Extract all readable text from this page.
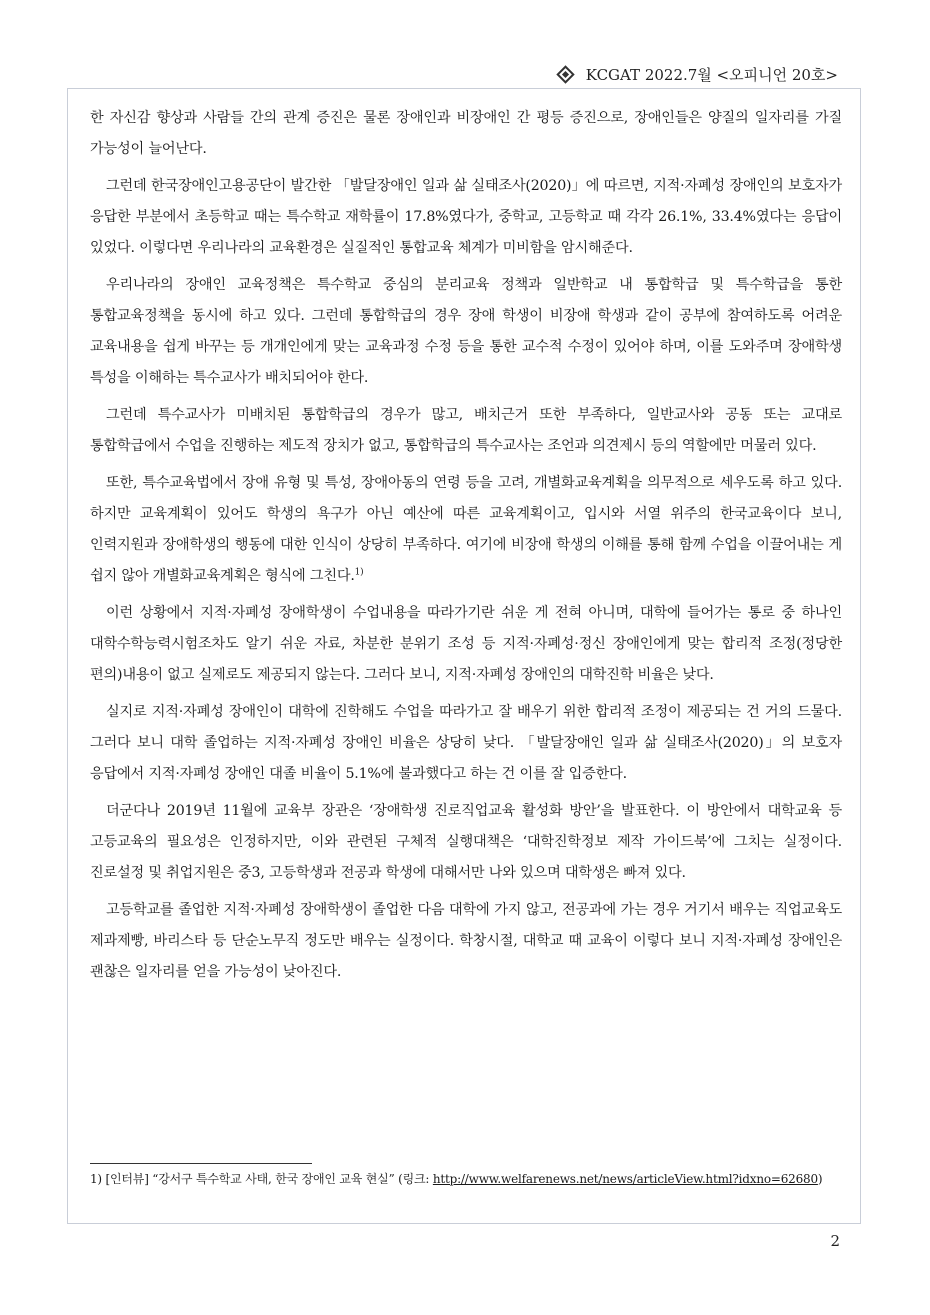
KCGAT 2022.7월 <오피니언 20호>

한 자신감 향상과 사람들 간의 관계 증진은 물론 장애인과 비장애인 간 평등 증진으로, 장애인들은 양질의 일자리를 가질 가능성이 늘어난다.

그런데 한국장애인고용공단이 발간한 「발달장애인 일과 삶 실태조사(2020)」에 따르면, 지적·자폐성 장애인의 보호자가 응답한 부분에서 초등학교 때는 특수학교 재학률이 17.8%였다가, 중학교, 고등학교 때 각각 26.1%, 33.4%였다는 응답이 있었다. 이렇다면 우리나라의 교육환경은 실질적인 통합교육 체계가 미비함을 암시해준다.

우리나라의 장애인 교육정책은 특수학교 중심의 분리교육 정책과 일반학교 내 통합학급 및 특수학급을 통한 통합교육정책을 동시에 하고 있다. 그런데 통합학급의 경우 장애 학생이 비장애 학생과 같이 공부에 참여하도록 어려운 교육내용을 쉽게 바꾸는 등 개개인에게 맞는 교육과정 수정 등을 통한 교수적 수정이 있어야 하며, 이를 도와주며 장애학생 특성을 이해하는 특수교사가 배치되어야 한다.

그런데 특수교사가 미배치된 통합학급의 경우가 많고, 배치근거 또한 부족하다, 일반교사와 공동 또는 교대로 통합학급에서 수업을 진행하는 제도적 장치가 없고, 통합학급의 특수교사는 조언과 의견제시 등의 역할에만 머물러 있다.

또한, 특수교육법에서 장애 유형 및 특성, 장애아동의 연령 등을 고려, 개별화교육계획을 의무적으로 세우도록 하고 있다. 하지만 교육계획이 있어도 학생의 욕구가 아닌 예산에 따른 교육계획이고, 입시와 서열 위주의 한국교육이다 보니, 인력지원과 장애학생의 행동에 대한 인식이 상당히 부족하다. 여기에 비장애 학생의 이해를 통해 함께 수업을 이끌어내는 게 쉽지 않아 개별화교육계획은 형식에 그친다.$^{1)}$

이런 상황에서 지적·자폐성 장애학생이 수업내용을 따라가기란 쉬운 게 전혀 아니며, 대학에 들어가는 통로 중 하나인 대학수학능력시험조차도 알기 쉬운 자료, 차분한 분위기 조성 등 지적·자폐성·정신 장애인에게 맞는 합리적 조정(정당한 편의)내용이 없고 실제로도 제공되지 않는다. 그러다 보니, 지적·자폐성 장애인의 대학진학 비율은 낮다.

실지로 지적·자폐성 장애인이 대학에 진학해도 수업을 따라가고 잘 배우기 위한 합리적 조정이 제공되는 건 거의 드물다. 그러다 보니 대학 졸업하는 지적·자폐성 장애인 비율은 상당히 낮다. 「발달장애인 일과 삶 실태조사(2020)」의 보호자 응답에서 지적·자폐성 장애인 대졸 비율이 5.1%에 불과했다고 하는 건 이를 잘 입증한다.

더군다나 2019년 11월에 교육부 장관은 ‘장애학생 진로직업교육 활성화 방안’을 발표한다. 이 방안에서 대학교육 등 고등교육의 필요성은 인정하지만, 이와 관련된 구체적 실행대책은 ‘대학진학정보 제작 가이드북’에 그치는 실정이다. 진로설정 및 취업지원은 중3, 고등학생과 전공과 학생에 대해서만 나와 있으며 대학생은 빠져 있다.

고등학교를 졸업한 지적·자폐성 장애학생이 졸업한 다음 대학에 가지 않고, 전공과에 가는 경우 거기서 배우는 직업교육도 제과제빵, 바리스타 등 단순노무직 정도만 배우는 실정이다. 학창시절, 대학교 때 교육이 이렇다 보니 지적·자폐성 장애인은 괜찮은 일자리를 얻을 가능성이 낮아진다.

1) [인터뷰] “강서구 특수학교 사태, 한국 장애인 교육 현실” (링크: http://www.welfarenews.net/news/articleView.html?idxno=62680)
2
